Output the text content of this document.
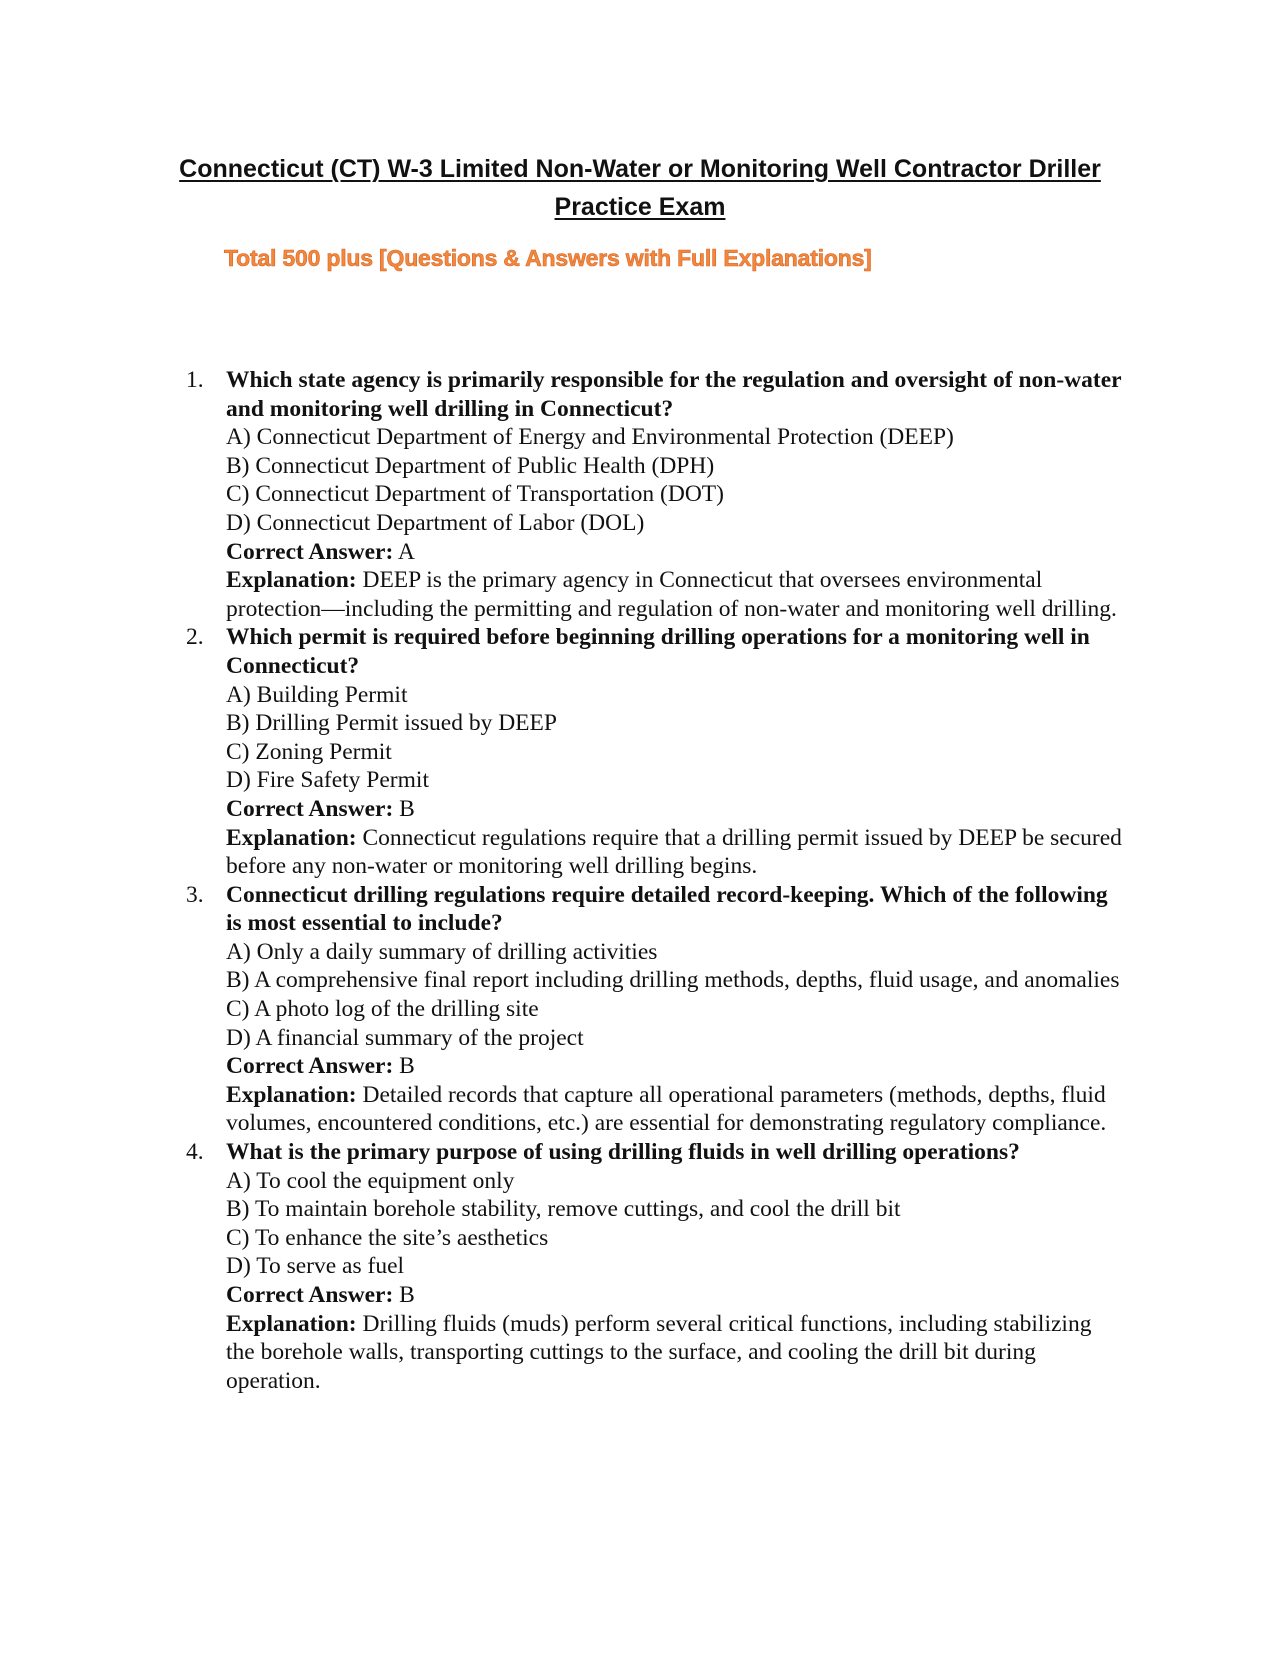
Connecticut (CT) W-3 Limited Non-Water or Monitoring Well Contractor Driller
Practice Exam
Total 500 plus [Questions & Answers with Full Explanations]
1. Which state agency is primarily responsible for the regulation and oversight of non-water and monitoring well drilling in Connecticut?
A) Connecticut Department of Energy and Environmental Protection (DEEP)
B) Connecticut Department of Public Health (DPH)
C) Connecticut Department of Transportation (DOT)
D) Connecticut Department of Labor (DOL)
Correct Answer: A
Explanation: DEEP is the primary agency in Connecticut that oversees environmental protection—including the permitting and regulation of non-water and monitoring well drilling.
2. Which permit is required before beginning drilling operations for a monitoring well in Connecticut?
A) Building Permit
B) Drilling Permit issued by DEEP
C) Zoning Permit
D) Fire Safety Permit
Correct Answer: B
Explanation: Connecticut regulations require that a drilling permit issued by DEEP be secured before any non-water or monitoring well drilling begins.
3. Connecticut drilling regulations require detailed record-keeping. Which of the following is most essential to include?
A) Only a daily summary of drilling activities
B) A comprehensive final report including drilling methods, depths, fluid usage, and anomalies
C) A photo log of the drilling site
D) A financial summary of the project
Correct Answer: B
Explanation: Detailed records that capture all operational parameters (methods, depths, fluid volumes, encountered conditions, etc.) are essential for demonstrating regulatory compliance.
4. What is the primary purpose of using drilling fluids in well drilling operations?
A) To cool the equipment only
B) To maintain borehole stability, remove cuttings, and cool the drill bit
C) To enhance the site’s aesthetics
D) To serve as fuel
Correct Answer: B
Explanation: Drilling fluids (muds) perform several critical functions, including stabilizing the borehole walls, transporting cuttings to the surface, and cooling the drill bit during operation.
